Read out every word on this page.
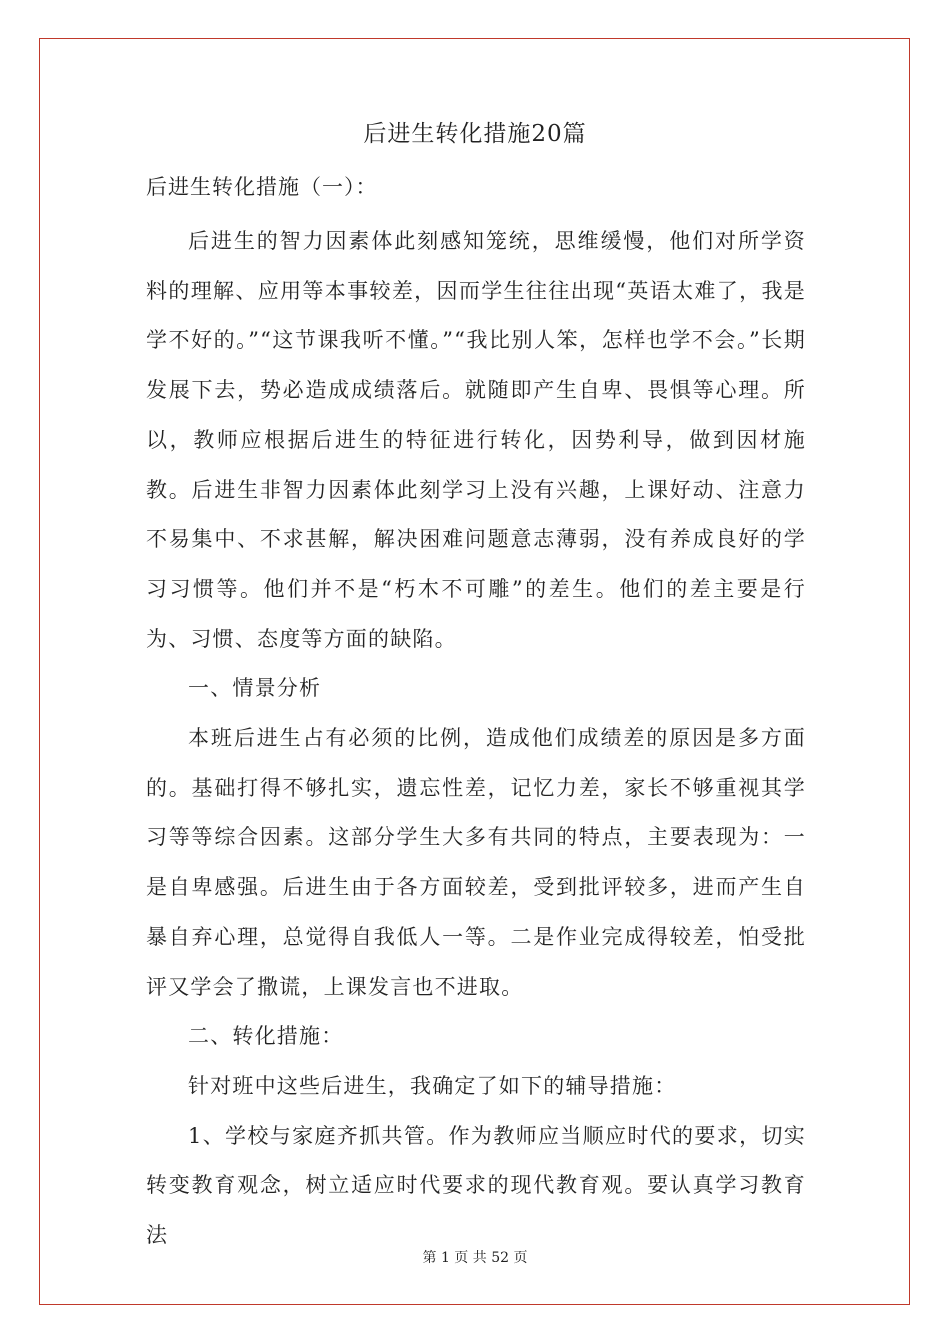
后进生转化措施20篇
后进生转化措施（一）：

后进生的智力因素体此刻感知笼统，思维缓慢，他们对所学资料的理解、应用等本事较差，因而学生往往出现“英语太难了，我是学不好的。”“这节课我听不懂。”“我比别人笨，怎样也学不会。”长期发展下去，势必造成成绩落后。就随即产生自卑、畏惧等心理。所以，教师应根据后进生的特征进行转化，因势利导，做到因材施教。后进生非智力因素体此刻学习上没有兴趣，上课好动、注意力不易集中、不求甚解，解决困难问题意志薄弱，没有养成良好的学习习惯等。他们并不是“朽木不可雕”的差生。他们的差主要是行为、习惯、态度等方面的缺陷。

一、情景分析

本班后进生占有必须的比例，造成他们成绩差的原因是多方面的。基础打得不够扎实，遗忘性差，记忆力差，家长不够重视其学习等等综合因素。这部分学生大多有共同的特点，主要表现为：一是自卑感强。后进生由于各方面较差，受到批评较多，进而产生自暴自弃心理，总觉得自我低人一等。二是作业完成得较差，怕受批评又学会了撒谎，上课发言也不进取。

二、转化措施：

针对班中这些后进生，我确定了如下的辅导措施：

1、学校与家庭齐抓共管。作为教师应当顺应时代的要求，切实转变教育观念，树立适应时代要求的现代教育观。要认真学习教育法

第 1 页 共 52 页
